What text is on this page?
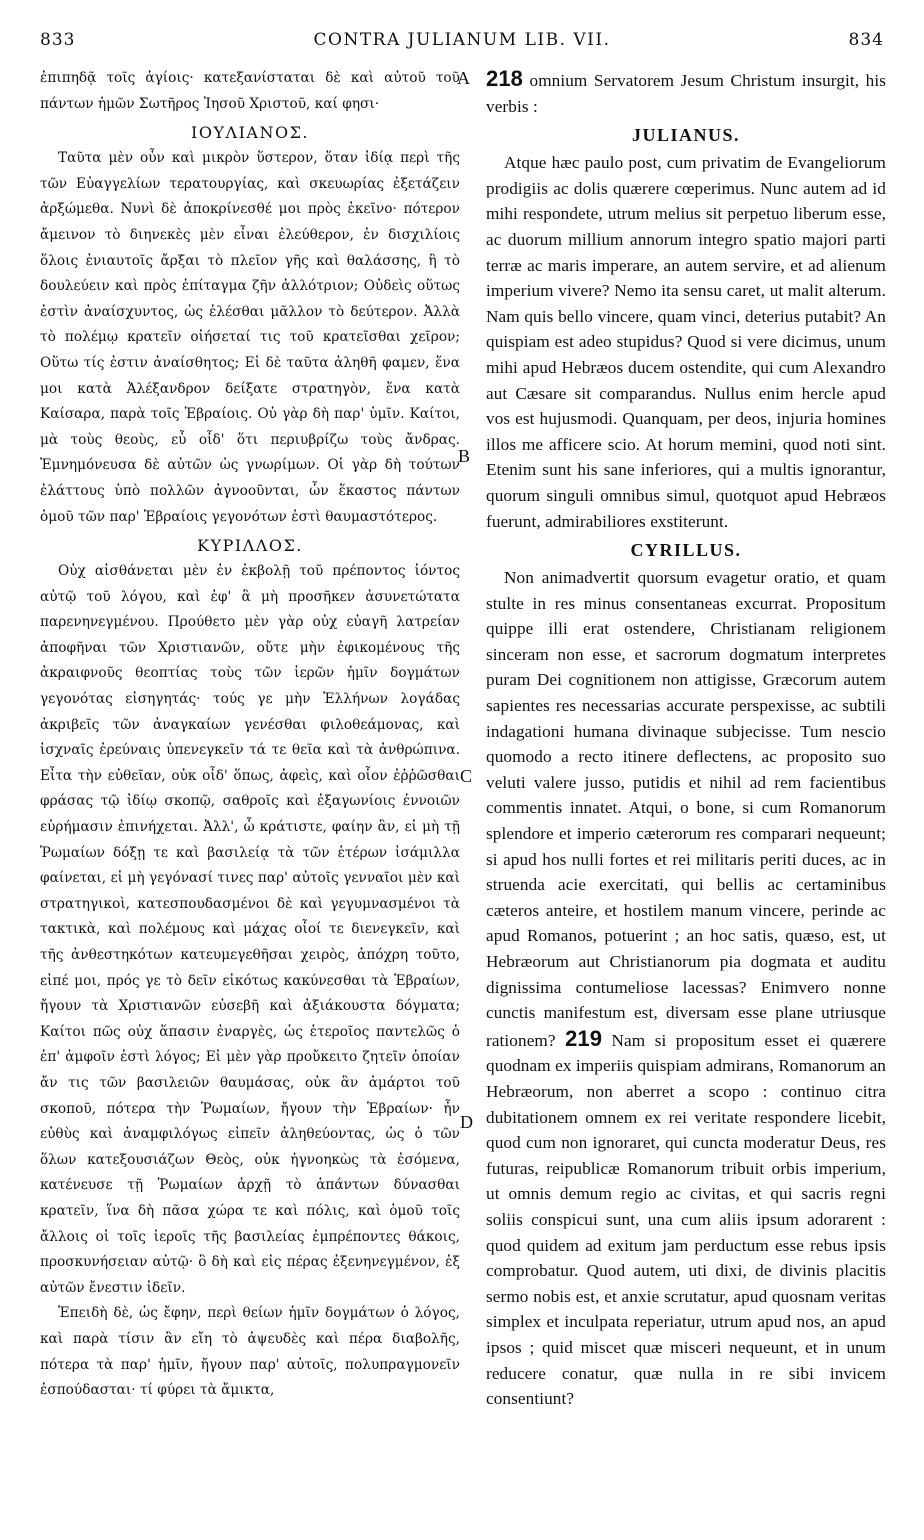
833	CONTRA JULIANUM LIB. VII.	834

ἐπιπηδᾷ τοῖς ἁγίοις· κατεξανίσταται δὲ καὶ αὐτοῦ τοῦ πάντων ἡμῶν Σωτῆρος Ἰησοῦ Χριστοῦ, καί φησι·

ΙΟΥΛΙΑΝΟΣ.

Ταῦτα μὲν οὖν καὶ μικρὸν ὕστερον, ὅταν ἰδίᾳ περὶ τῆς τῶν Εὐαγγελίων τερατουργίας, καὶ σκευωρίας ἐξετάζειν ἀρξώμεθα. Νυνὶ δὲ ἀποκρίνεσθέ μοι πρὸς ἐκεῖνο· πότερον ἄμεινον τὸ διηνεκὲς μὲν εἶναι ἐλεύθερον, ἐν δισχιλίοις ὅλοις ἐνιαυτοῖς ἄρξαι τὸ πλεῖον γῆς καὶ θαλάσσης, ἢ τὸ δουλεύειν καὶ πρὸς ἐπίταγμα ζῆν ἀλλότριον; Οὐδεὶς οὕτως ἐστὶν ἀναίσχυντος, ὡς ἑλέσθαι μᾶλλον τὸ δεύτερον. Ἀλλὰ τὸ πολέμῳ κρατεῖν οἰήσεταί τις τοῦ κρατεῖσθαι χεῖρον; Οὕτω τίς ἐστιν ἀναίσθητος; Εἰ δὲ ταῦτα ἀληθῆ φαμεν, ἕνα μοι κατὰ Ἀλέξανδρον δείξατε στρατηγὸν, ἕνα κατὰ Καίσαρα, παρὰ τοῖς Ἑβραίοις. Οὐ γὰρ δὴ παρ' ὑμῖν. Καίτοι, μὰ τοὺς θεοὺς, εὖ οἶδ' ὅτι περιυβρίζω τοὺς ἄνδρας. Ἐμνημόνευσα δὲ αὐτῶν ὡς γνωρίμων. Οἱ γὰρ δὴ τούτων ἐλάττους ὑπὸ πολλῶν ἀγνοοῦνται, ὧν ἕκαστος πάντων ὁμοῦ τῶν παρ' Ἑβραίοις γεγονότων ἐστὶ θαυμαστότερος.

ΚΥΡΙΛΛΟΣ.

Οὐχ αἰσθάνεται μὲν ἐν ἐκβολῇ τοῦ πρέποντος ἰόντος αὐτῷ τοῦ λόγου, καὶ ἐφ' ἃ μὴ προσῆκεν ἀσυνετώτατα παρενηνεγμένου. Προύθετο μὲν γὰρ οὐχ εὐαγῆ λατρείαν ἀποφῆναι τῶν Χριστιανῶν, οὔτε μὴν ἐφικομένους τῆς ἀκραιφνοῦς θεοπτίας τοὺς τῶν ἱερῶν ἡμῖν δογμάτων γεγονότας εἰσηγητάς· τούς γε μὴν Ἑλλήνων λογάδας ἀκριβεῖς τῶν ἀναγκαίων γενέσθαι φιλοθεάμονας, καὶ ἰσχναῖς ἐρεύναις ὑπενεγκεῖν τά τε θεῖα καὶ τὰ ἀνθρώπινα. Εἶτα τὴν εὐθεῖαν, οὐκ οἶδ' ὅπως, ἀφεὶς, καὶ οἷον ἐῤῥῶσθαι φράσας τῷ ἰδίῳ σκοπῷ, σαθροῖς καὶ ἐξαγωνίοις ἐννοιῶν εὑρήμασιν ἐπινήχεται. Ἀλλ', ὦ κράτιστε, φαίην ἂν, εἰ μὴ τῇ Ῥωμαίων δόξῃ τε καὶ βασιλείᾳ τὰ τῶν ἑτέρων ἰσάμιλλα φαίνεται, εἰ μὴ γεγόνασί τινες παρ' αὐτοῖς γενναῖοι μὲν καὶ στρατηγικοὶ, κατεσπουδασμένοι δὲ καὶ γεγυμνασμένοι τὰ τακτικὰ, καὶ πολέμους καὶ μάχας οἷοί τε διενεγκεῖν, καὶ τῆς ἀνθεστηκότων κατευμεγεθῆσαι χειρὸς, ἀπόχρη τοῦτο, εἰπέ μοι, πρός γε τὸ δεῖν εἰκότως κακύνεσθαι τὰ Ἑβραίων, ἤγουν τὰ Χριστιανῶν εὐσεβῆ καὶ ἀξιάκουστα δόγματα; Καίτοι πῶς οὐχ ἅπασιν ἐναργὲς, ὡς ἑτεροῖος παντελῶς ὁ ἐπ' ἀμφοῖν ἐστὶ λόγος; Εἰ μὲν γὰρ προὔκειτο ζητεῖν ὁποίαν ἄν τις τῶν βασιλειῶν θαυμάσας, οὐκ ἂν ἁμάρτοι τοῦ σκοποῦ, πότερα τὴν Ῥωμαίων, ἤγουν τὴν Ἑβραίων· ἦν εὐθὺς καὶ ἀναμφιλόγως εἰπεῖν ἀληθεύοντας, ὡς ὁ τῶν ὅλων κατεξουσιάζων Θεὸς, οὐκ ἠγνοηκὼς τὰ ἐσόμενα, κατένευσε τῇ Ῥωμαίων ἀρχῇ τὸ ἁπάντων δύνασθαι κρατεῖν, ἵνα δὴ πᾶσα χώρα τε καὶ πόλις, καὶ ὁμοῦ τοῖς ἄλλοις οἱ τοῖς ἱεροῖς τῆς βασιλείας ἐμπρέποντες θάκοις, προσκυνήσειαν αὐτῷ· ὃ δὴ καὶ εἰς πέρας ἐξενηνεγμένον, ἐξ αὐτῶν ἔνεστιν ἰδεῖν.

Ἐπειδὴ δὲ, ὡς ἔφην, περὶ θείων ἡμῖν δογμάτων ὁ λόγος, καὶ παρὰ τίσιν ἂν εἴη τὸ ἀψευδὲς καὶ πέρα διαβολῆς, πότερα τὰ παρ' ἡμῖν, ἤγουν παρ' αὐτοῖς, πολυπραγμονεῖν ἐσπούδασται· τί φύρει τὰ ἄμικτα,

A
B
C
D

218 omnium Servatorem Jesum Christum insurgit, his verbis :

JULIANUS.

Atque hæc paulo post, cum privatim de Evangeliorum prodigiis ac dolis quærere cœperimus. Nunc autem ad id mihi respondete, utrum melius sit perpetuo liberum esse, ac duorum millium annorum integro spatio majori parti terræ ac maris imperare, an autem servire, et ad alienum imperium vivere? Nemo ita sensu caret, ut malit alterum. Nam quis bello vincere, quam vinci, deterius putabit? An quispiam est adeo stupidus? Quod si vere dicimus, unum mihi apud Hebræos ducem ostendite, qui cum Alexandro aut Cæsare sit comparandus. Nullus enim hercle apud vos est hujusmodi. Quanquam, per deos, injuria homines illos me afficere scio. At horum memini, quod noti sint. Etenim sunt his sane inferiores, qui a multis ignorantur, quorum singuli omnibus simul, quotquot apud Hebræos fuerunt, admirabiliores exstiterunt.

CYRILLUS.

Non animadvertit quorsum evagetur oratio, et quam stulte in res minus consentaneas excurrat. Propositum quippe illi erat ostendere, Christianam religionem sinceram non esse, et sacrorum dogmatum interpretes puram Dei cognitionem non attigisse, Græcorum autem sapientes res necessarias accurate perspexisse, ac subtili indagationi humana divinaque subjecisse. Tum nescio quomodo a recto itinere deflectens, ac proposito suo veluti valere jusso, putidis et nihil ad rem facientibus commentis innatet. Atqui, o bone, si cum Romanorum splendore et imperio cæterorum res comparari nequeunt; si apud hos nulli fortes et rei militaris periti duces, ac in struenda acie exercitati, qui bellis ac certaminibus cæteros anteire, et hostilem manum vincere, perinde ac apud Romanos, potuerint ; an hoc satis, quæso, est, ut Hebræorum aut Christianorum pia dogmata et auditu dignissima contumeliose lacessas? Enimvero nonne cunctis manifestum est, diversam esse plane utriusque rationem? 219 Nam si propositum esset ei quærere quodnam ex imperiis quispiam admirans, Romanorum an Hebræorum, non aberret a scopo : continuo citra dubitationem omnem ex rei veritate respondere licebit, quod cum non ignoraret, qui cuncta moderatur Deus, res futuras, reipublicæ Romanorum tribuit orbis imperium, ut omnis demum regio ac civitas, et qui sacris regni soliis conspicui sunt, una cum aliis ipsum adorarent : quod quidem ad exitum jam perductum esse rebus ipsis comprobatur. Quod autem, uti dixi, de divinis placitis sermo nobis est, et anxie scrutatur, apud quosnam veritas simplex et inculpata reperiatur, utrum apud nos, an apud ipsos ; quid miscet quæ misceri nequeunt, et in unum reducere conatur, quæ nulla in re sibi invicem consentiunt?
